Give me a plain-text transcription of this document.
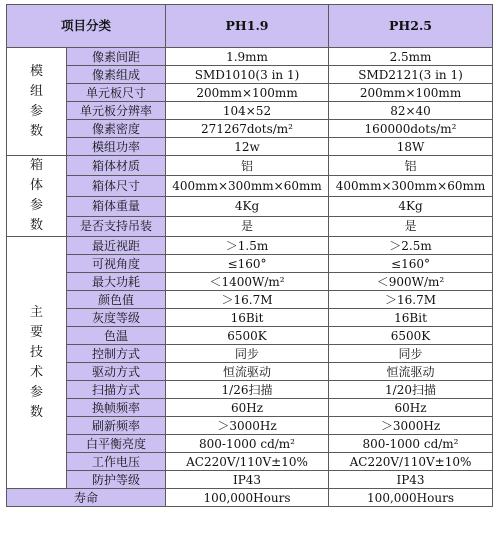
项目分类		PH1.9	PH2.5
模组参数	像素间距	1.9mm	2.5mm
	像素组成	SMD1010(3 in 1)	SMD2121(3 in 1)
	单元板尺寸	200mm×100mm	200mm×100mm
	单元板分辨率	104×52	82×40
	像素密度	271267dots/m²	160000dots/m²
	模组功率	12w	18W
箱体参数	箱体材质	铝	铝
	箱体尺寸	400mm×300mm×60mm	400mm×300mm×60mm
	箱体重量	4Kg	4Kg
	是否支持吊装	是	是
主要技术参数	最近视距	＞1.5m	＞2.5m
	可视角度	≤160°	≤160°
	最大功耗	＜1400W/m²	＜900W/m²
	颜色值	＞16.7M	＞16.7M
	灰度等级	16Bit	16Bit
	色温	6500K	6500K
	控制方式	同步	同步
	驱动方式	恒流驱动	恒流驱动
	扫描方式	1/26扫描	1/20扫描
	换帧频率	60Hz	60Hz
	刷新频率	＞3000Hz	＞3000Hz
	白平衡亮度	800-1000 cd/m²	800-1000 cd/m²
	工作电压	AC220V/110V±10%	AC220V/110V±10%
	防护等级	IP43	IP43
寿命		100,000Hours	100,000Hours
